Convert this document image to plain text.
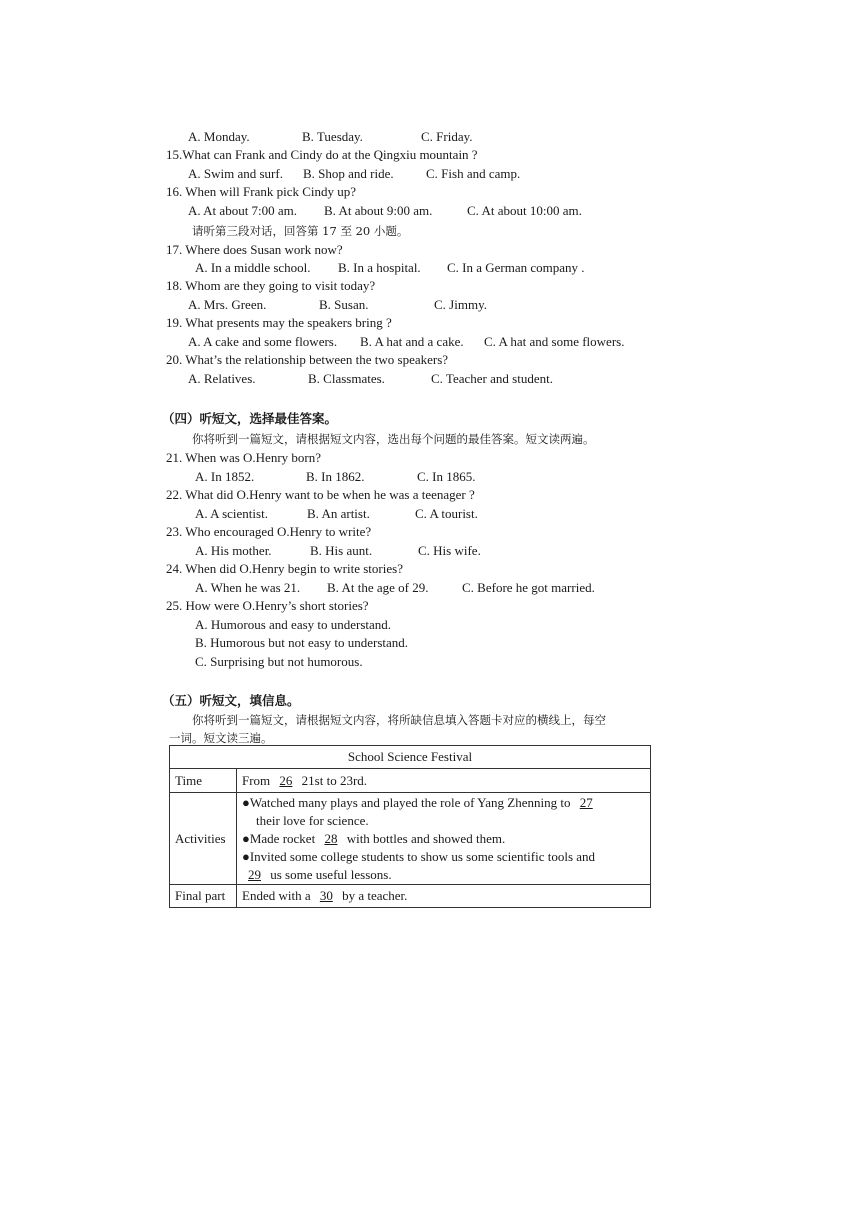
A. Monday.	B. Tuesday.	C. Friday.
15.What can Frank and Cindy do at the Qingxiu mountain ?
A. Swim and surf. B. Shop and ride. C. Fish and camp.
16. When will Frank pick Cindy up?
A. At about 7:00 am. B. At about 9:00 am.	C. At about 10:00 am.
请听第三段对话，回答第 17 至 20 小题。
17. Where does Susan work now?
A. In a middle school. B. In a hospital. C. In a German company .
18. Whom are they going to visit today?
A. Mrs. Green.	B. Susan.	C. Jimmy.
19. What presents may the speakers bring ?
A. A cake and some flowers. B. A hat and a cake. C. A hat and some flowers.
20. What’s the relationship between the two speakers?
A. Relatives.	B. Classmates.	C. Teacher and student.
（四）听短文，选择最佳答案。
你将听到一篇短文，请根据短文内容，选出每个问题的最佳答案。短文读两遍。
21. When was O.Henry born?
A. In 1852.	B. In 1862.	C. In 1865.
22. What did O.Henry want to be when he was a teenager ?
A. A scientist.	B. An artist.	C. A tourist.
23. Who encouraged O.Henry to write?
A. His mother.	B. His aunt.	C. His wife.
24. When did O.Henry begin to write stories?
A. When he was 21. B. At the age of 29.	C. Before he got married.
25. How were O.Henry’s short stories?
A. Humorous and easy to understand.
B. Humorous but not easy to understand.
C. Surprising but not humorous.
（五）听短文，填信息。
你将听到一篇短文，请根据短文内容，将所缺信息填入答题卡对应的横线上，每空
一词。短文读三遍。
School Science Festival	
Time	From 26 21st to 23rd.
Activities	●Watched many plays and played the role of Yang Zhenning to 27
their love for science.
●Made rocket 28 with bottles and showed them.
●Invited some college students to show us some scientific tools and
29 us some useful lessons.

Final part	Ended with a 30 by a teacher.
